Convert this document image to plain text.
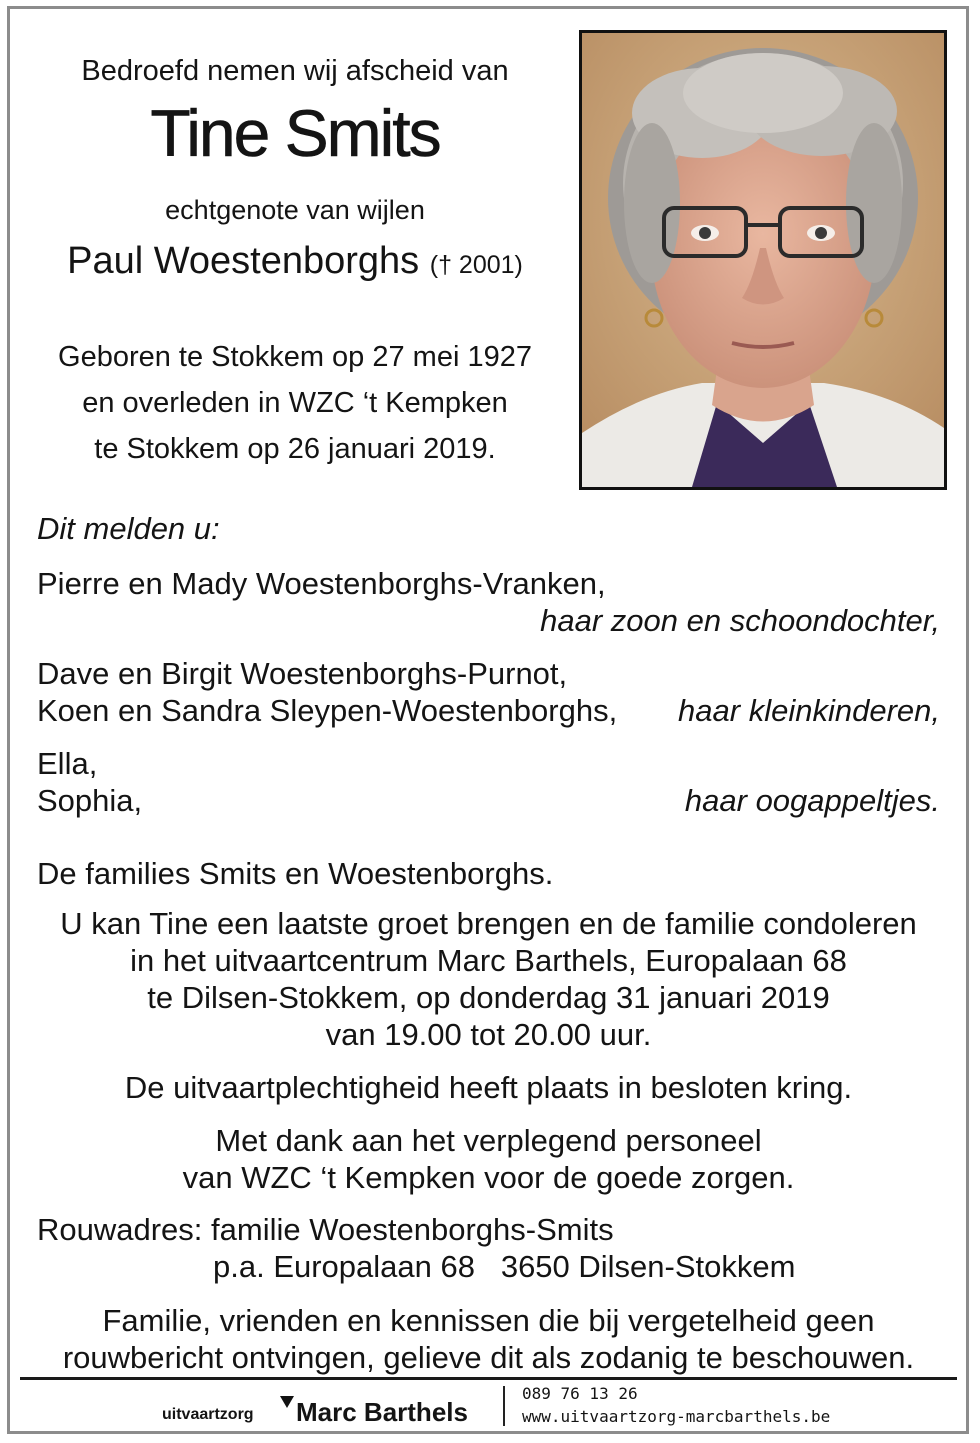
Bedroefd nemen wij afscheid van
Tine Smits
echtgenote van wijlen
Paul Woestenborghs († 2001)
Geboren te Stokkem op 27 mei 1927
en overleden in WZC ‘t Kempken
te Stokkem op 26 januari 2019.
Dit melden u:
Pierre en Mady Woestenborghs-Vranken,
haar zoon en schoondochter,
Dave en Birgit Woestenborghs-Purnot,
Koen en Sandra Sleypen-Woestenborghs, haar kleinkinderen,
Ella,
Sophia,	haar oogappeltjes.
De families Smits en Woestenborghs.
U kan Tine een laatste groet brengen en de familie condoleren
in het uitvaartcentrum Marc Barthels, Europalaan 68
te Dilsen-Stokkem, op donderdag 31 januari 2019
van 19.00 tot 20.00 uur.
De uitvaartplechtigheid heeft plaats in besloten kring.
Met dank aan het verplegend personeel
van WZC ‘t Kempken voor de goede zorgen.
Rouwadres: familie Woestenborghs-Smits
p.a. Europalaan 68   3650 Dilsen-Stokkem
Familie, vrienden en kennissen die bij vergetelheid geen
rouwbericht ontvingen, gelieve dit als zodanig te beschouwen.
uitvaartzorg Marc Barthels
089 76 13 26
www.uitvaartzorg-marcbarthels.be
